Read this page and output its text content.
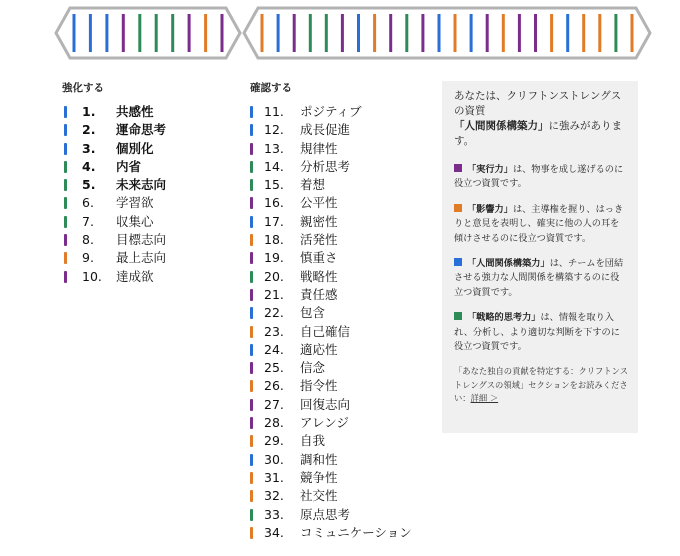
強化する
1. 共感性
2. 運命思考
3. 個別化
4. 内省
5. 未来志向
6. 学習欲
7. 収集心
8. 目標志向
9. 最上志向
10. 達成欲
確認する
11. ポジティブ
12. 成長促進
13. 規律性
14. 分析思考
15. 着想
16. 公平性
17. 親密性
18. 活発性
19. 慎重さ
20. 戦略性
21. 責任感
22. 包含
23. 自己確信
24. 適応性
25. 信念
26. 指令性
27. 回復志向
28. アレンジ
29. 自我
30. 調和性
31. 競争性
32. 社交性
33. 原点思考
34. コミュニケーション

あなたは、クリフトンストレングスの資質
「人間関係構築力」に強みがあります。

「実行力」は、物事を成し遂げるのに役立つ資質です。
「影響力」は、主導権を握り、はっきりと意見を表明し、確実に他の人の耳を傾けさせるのに役立つ資質です。
「人間関係構築力」は、チームを団結させる強力な人間関係を構築するのに役立つ資質です。
「戦略的思考力」は、情報を取り入れ、分析し、より適切な判断を下すのに役立つ資質です。
「あなた独自の貢献を特定する：クリフトンストレングスの領域」セクションをお読みください：詳細 ＞
